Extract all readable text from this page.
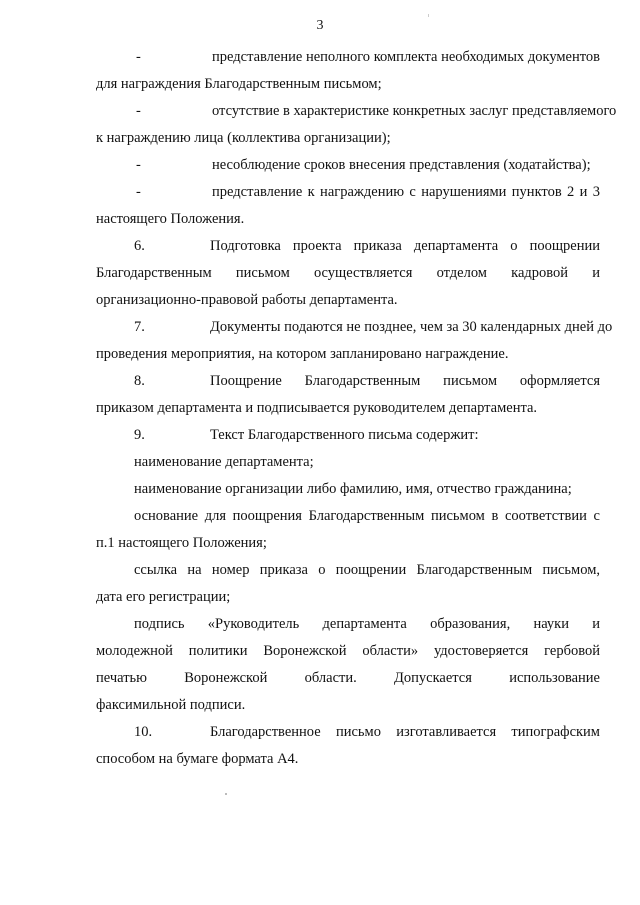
3
-	представление неполного комплекта необходимых документов
для награждения Благодарственным письмом;
-	отсутствие в характеристике конкретных заслуг представляемого
к награждению лица (коллектива организации);
-	несоблюдение сроков внесения представления (ходатайства);
-	представление к награждению с нарушениями пунктов 2 и 3
настоящего Положения.
6.	Подготовка проекта приказа департамента о поощрении
Благодарственным письмом осуществляется отделом кадровой и
организационно-правовой работы департамента.
7.	Документы подаются не позднее, чем за 30 календарных дней до
проведения мероприятия, на котором запланировано награждение.
8.	Поощрение Благодарственным письмом оформляется
приказом департамента и подписывается руководителем департамента.
9.	Текст Благодарственного письма содержит:
наименование департамента;
наименование организации либо фамилию, имя, отчество гражданина;
основание для поощрения Благодарственным письмом в соответствии с
п.1 настоящего Положения;
ссылка на номер приказа о поощрении Благодарственным письмом,
дата его регистрации;
подпись «Руководитель департамента образования, науки и
молодежной политики Воронежской области» удостоверяется гербовой
печатью Воронежской области. Допускается использование
факсимильной подписи.
10.	Благодарственное письмо изготавливается типографским
способом на бумаге формата А4.
